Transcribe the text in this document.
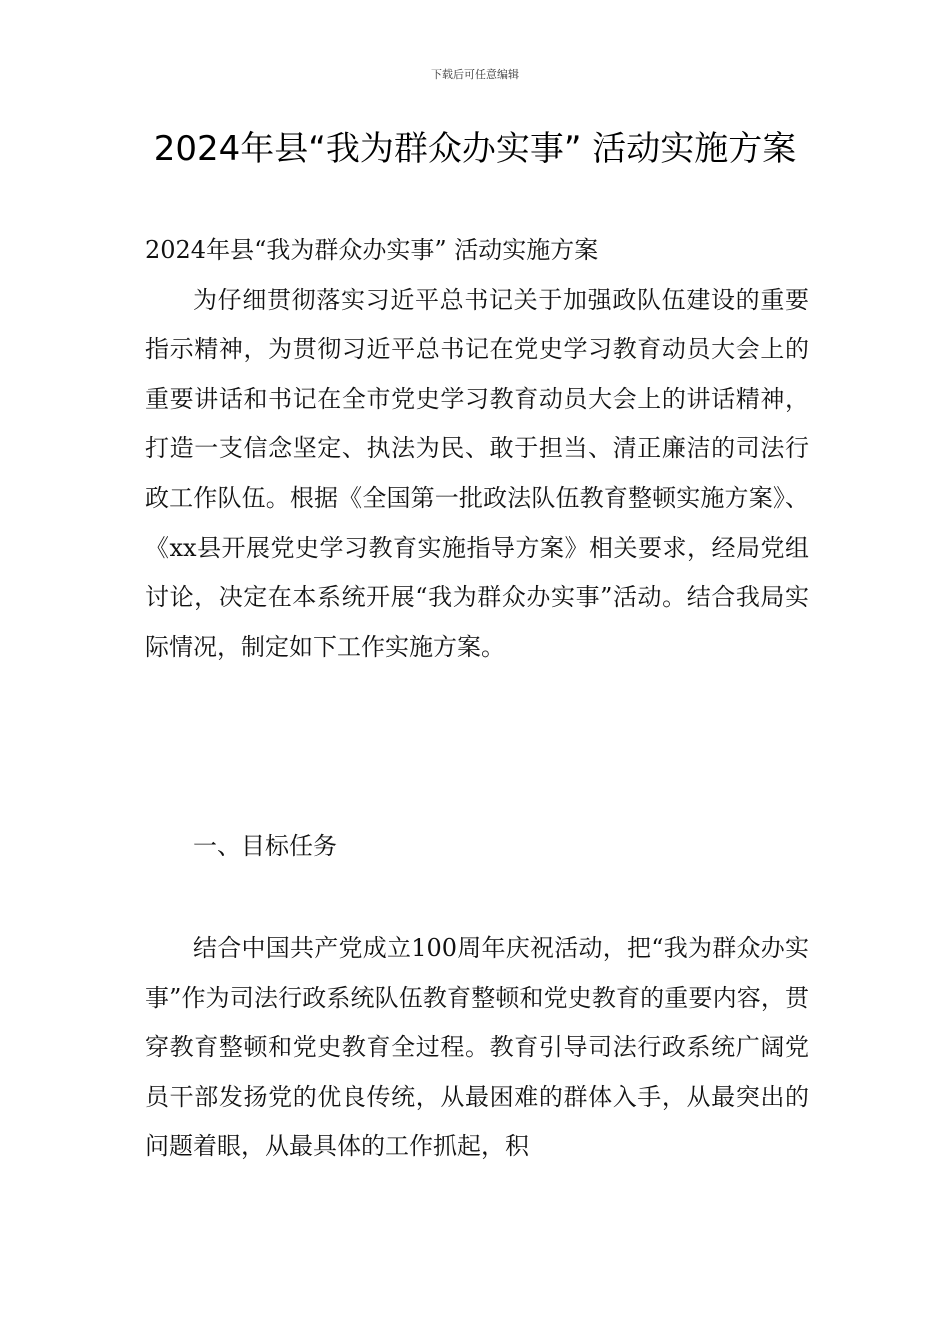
下载后可任意编辑
2024年县“我为群众办实事” 活动实施方案

2024年县“我为群众办实事” 活动实施方案

为仔细贯彻落实习近平总书记关于加强政队伍建设的重要指示精神，为贯彻习近平总书记在党史学习教育动员大会上的重要讲话和书记在全市党史学习教育动员大会上的讲话精神，打造一支信念坚定、执法为民、敢于担当、清正廉洁的司法行政工作队伍。根据《全国第一批政法队伍教育整顿实施方案》、《xx县开展党史学习教育实施指导方案》相关要求，经局党组讨论，决定在本系统开展“我为群众办实事”活动。结合我局实际情况，制定如下工作实施方案。

一、目标任务

结合中国共产党成立100周年庆祝活动，把“我为群众办实事”作为司法行政系统队伍教育整顿和党史教育的重要内容，贯穿教育整顿和党史教育全过程。教育引导司法行政系统广阔党员干部发扬党的优良传统，从最困难的群体入手，从最突出的问题着眼，从最具体的工作抓起，积
